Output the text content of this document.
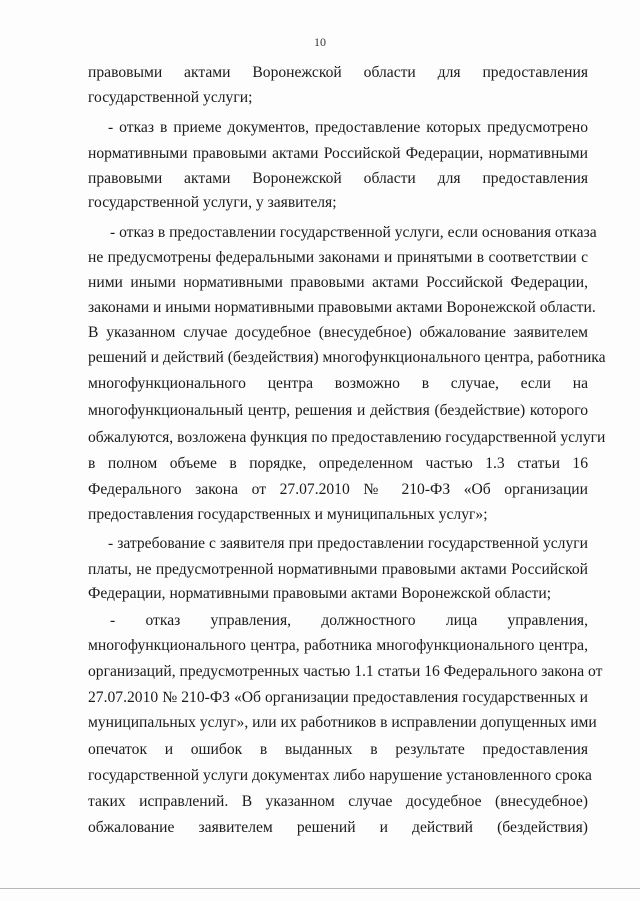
10
правовыми актами Воронежской области для предоставления
государственной услуги;
- отказ в приеме документов, предоставление которых предусмотрено
нормативными правовыми актами Российской Федерации, нормативными
правовыми актами Воронежской области для предоставления
государственной услуги, у заявителя;
- отказ в предоставлении государственной услуги, если основания отказа
не предусмотрены федеральными законами и принятыми в соответствии с
ними иными нормативными правовыми актами Российской Федерации,
законами и иными нормативными правовыми актами Воронежской области.
В указанном случае досудебное (внесудебное) обжалование заявителем
решений и действий (бездействия) многофункционального центра, работника
многофункционального центра возможно в случае, если на
многофункциональный центр, решения и действия (бездействие) которого
обжалуются, возложена функция по предоставлению государственной услуги
в полном объеме в порядке, определенном частью 1.3 статьи 16
Федерального закона от 27.07.2010 № 210-ФЗ «Об организации
предоставления государственных и муниципальных услуг»;
- затребование с заявителя при предоставлении государственной услуги
платы, не предусмотренной нормативными правовыми актами Российской
Федерации, нормативными правовыми актами Воронежской области;
- отказ управления, должностного лица управления,
многофункционального центра, работника многофункционального центра,
организаций, предусмотренных частью 1.1 статьи 16 Федерального закона от
27.07.2010 № 210-ФЗ «Об организации предоставления государственных и
муниципальных услуг», или их работников в исправлении допущенных ими
опечаток и ошибок в выданных в результате предоставления
государственной услуги документах либо нарушение установленного срока
таких исправлений. В указанном случае досудебное (внесудебное)
обжалование заявителем решений и действий (бездействия)
